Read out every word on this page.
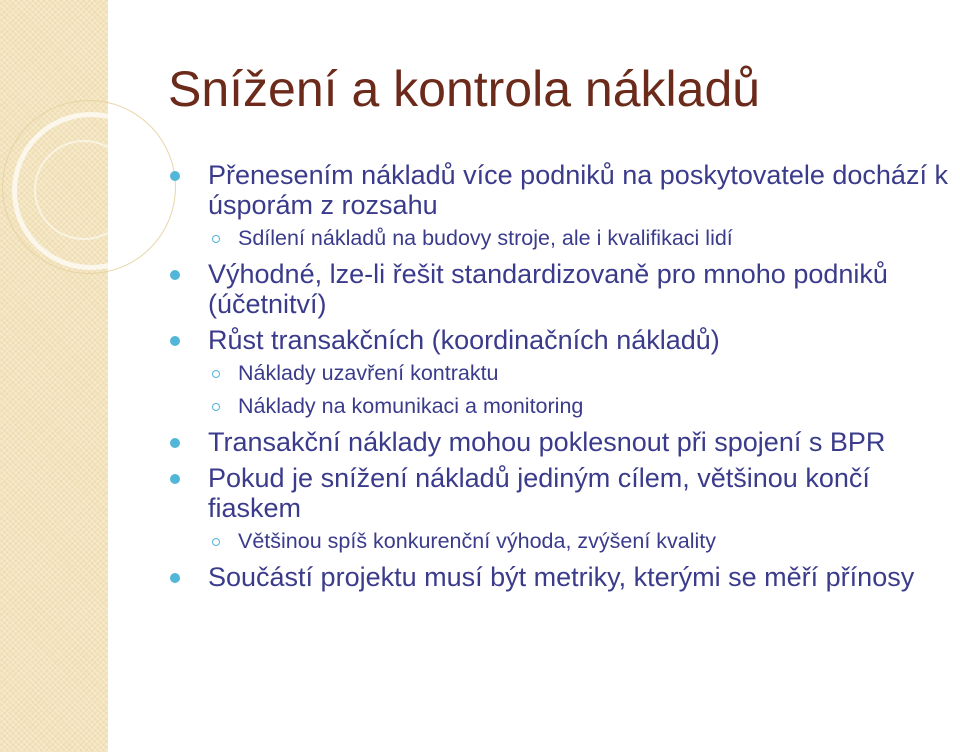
Snížení a kontrola nákladů
Přenesením nákladů více podniků na poskytovatele dochází k úsporám z rozsahu
Sdílení nákladů na budovy stroje, ale i kvalifikaci lidí
Výhodné, lze-li řešit standardizovaně pro mnoho podniků (účetnitví)
Růst transakčních (koordinačních nákladů)
Náklady uzavření kontraktu
Náklady na komunikaci a monitoring
Transakční náklady mohou poklesnout při spojení s BPR
Pokud je snížení nákladů jediným cílem, většinou končí fiaskem
Většinou spíš konkurenční výhoda, zvýšení kvality
Součástí projektu musí být metriky, kterými se měří přínosy
